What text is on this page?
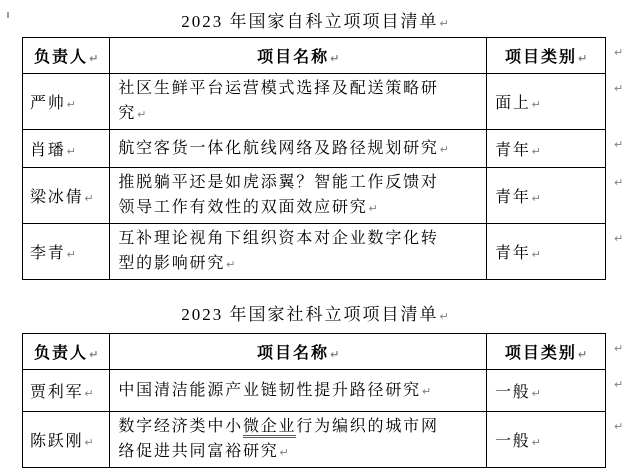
2023 年国家自科立项项目清单↵
负责人↵	项目名称↵	项目类别↵	↵
严帅↵	社区生鲜平台运营模式选择及配送策略研究↵	面上↵	↵
肖璠↵	航空客货一体化航线网络及路径规划研究↵	青年↵	↵
梁冰倩↵	推脱躺平还是如虎添翼？智能工作反馈对领导工作有效性的双面效应研究↵	青年↵	↵
李青↵	互补理论视角下组织资本对企业数字化转型的影响研究↵	青年↵	↵
2023 年国家社科立项项目清单↵
负责人↵	项目名称↵	项目类别↵	↵
贾利军↵	中国清洁能源产业链韧性提升路径研究↵	一般↵	↵
陈跃刚↵	数字经济类中小微企业行为编织的城市网络促进共同富裕研究↵	一般↵	↵
